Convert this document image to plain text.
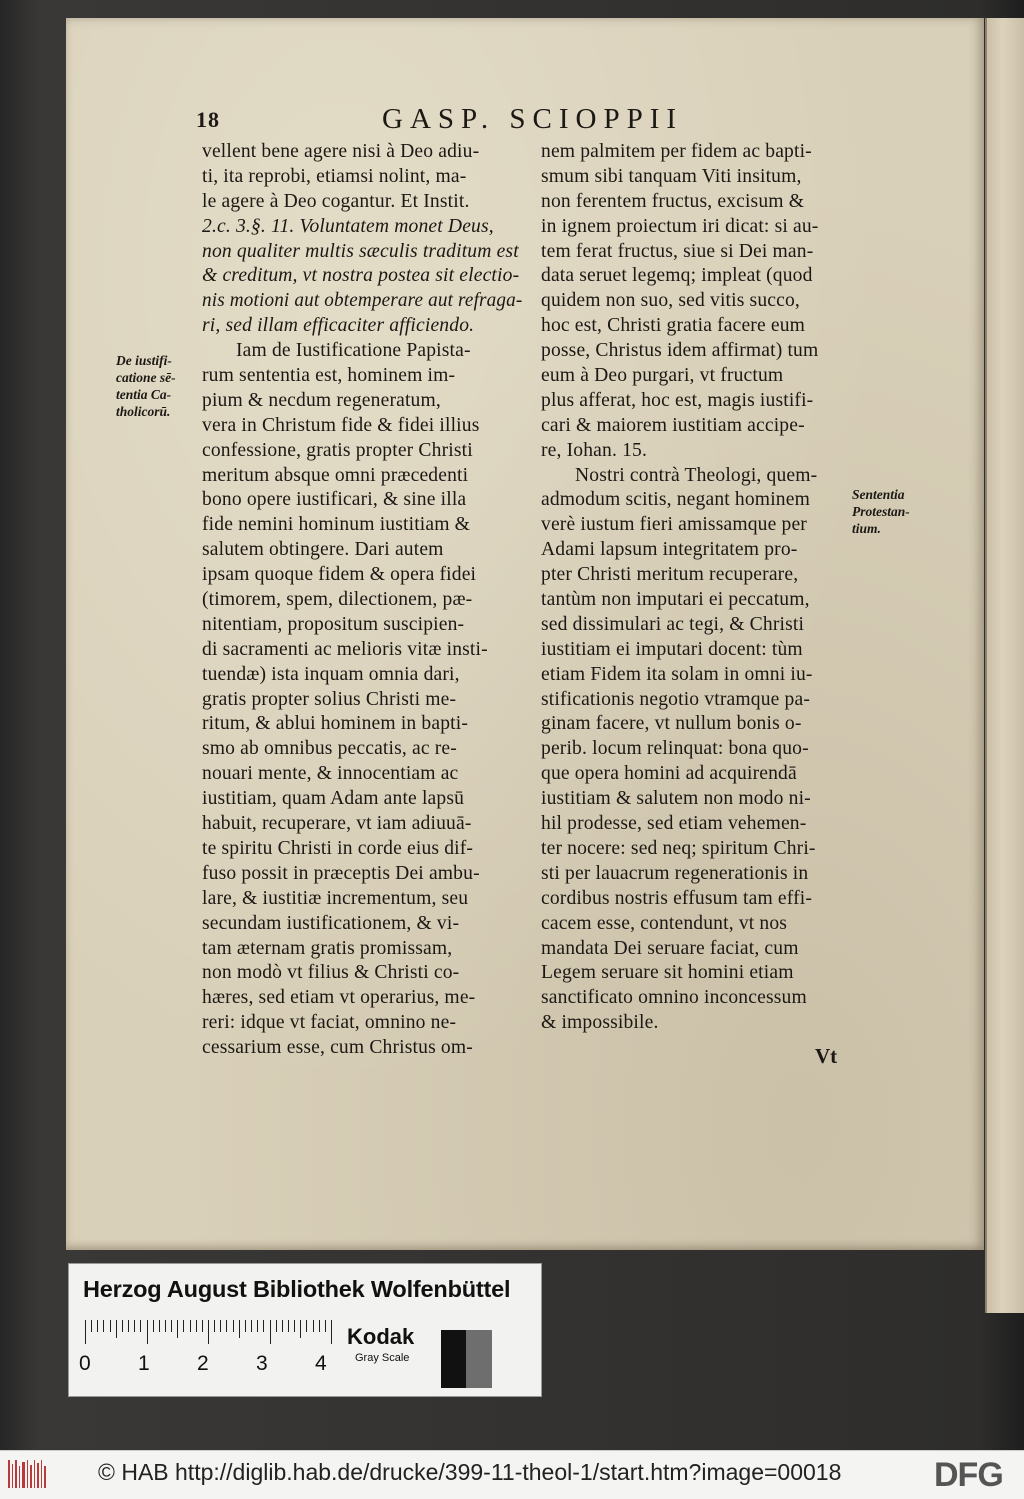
18	GASP. SCIOPPII
vellent bene agere nisi à Deo adiu-
ti, ita reprobi, etiamsi nolint, ma-
le agere à Deo cogantur. Et Instit.
2.c. 3.§. 11. Voluntatem monet Deus,
non qualiter multis sæculis traditum est
& creditum, vt nostra postea sit electio-
nis motioni aut obtemperare aut refraga-
ri, sed illam efficaciter afficiendo.
Iam de Iustificatione Papista-
rum sententia est, hominem im-
pium & necdum regeneratum,
vera in Christum fide & fidei illius
confessione, gratis propter Christi
meritum absque omni præcedenti
bono opere iustificari, & sine illa
fide nemini hominum iustitiam &
salutem obtingere. Dari autem
ipsam quoque fidem & opera fidei
(timorem, spem, dilectionem, pæ-
nitentiam, propositum suscipien-
di sacramenti ac melioris vitæ insti-
tuendæ) ista inquam omnia dari,
gratis propter solius Christi me-
ritum, & ablui hominem in bapti-
smo ab omnibus peccatis, ac re-
nouari mente, & innocentiam ac
iustitiam, quam Adam ante lapsū
habuit, recuperare, vt iam adiuuā-
te spiritu Christi in corde eius dif-
fuso possit in præceptis Dei ambu-
lare, & iustitiæ incrementum, seu
secundam iustificationem, & vi-
tam æternam gratis promissam,
non modò vt filius & Christi co-
hæres, sed etiam vt operarius, me-
reri: idque vt faciat, omnino ne-
cessarium esse, cum Christus om-
nem palmitem per fidem ac bapti-
smum sibi tanquam Viti insitum,
non ferentem fructus, excisum &
in ignem proiectum iri dicat: si au-
tem ferat fructus, siue si Dei man-
data seruet legemq; impleat (quod
quidem non suo, sed vitis succo,
hoc est, Christi gratia facere eum
posse, Christus idem affirmat) tum
eum à Deo purgari, vt fructum
plus afferat, hoc est, magis iustifi-
cari & maiorem iustitiam accipe-
re, Iohan. 15.
Nostri contrà Theologi, quem-
admodum scitis, negant hominem
verè iustum fieri amissamque per
Adami lapsum integritatem pro-
pter Christi meritum recuperare,
tantùm non imputari ei peccatum,
sed dissimulari ac tegi, & Christi
iustitiam ei imputari docent: tùm
etiam Fidem ita solam in omni iu-
stificationis negotio vtramque pa-
ginam facere, vt nullum bonis o-
perib. locum relinquat: bona quo-
que opera homini ad acquirendā
iustitiam & salutem non modo ni-
hil prodesse, sed etiam vehemen-
ter nocere: sed neq; spiritum Chri-
sti per lauacrum regenerationis in
cordibus nostris effusum tam effi-
cacem esse, contendunt, vt nos
mandata Dei seruare faciat, cum
Legem seruare sit homini etiam
sanctificato omnino inconcessum
& impossibile.
De iustifi-
catione sē-
tentia Ca-
tholicorū.
Sententia
Protestan-
tium.
Vt
Herzog August Bibliothek Wolfenbüttel
0 1 2 3 4
Kodak
Gray Scale
© HAB http://diglib.hab.de/drucke/399-11-theol-1/start.htm?image=00018	DFG
